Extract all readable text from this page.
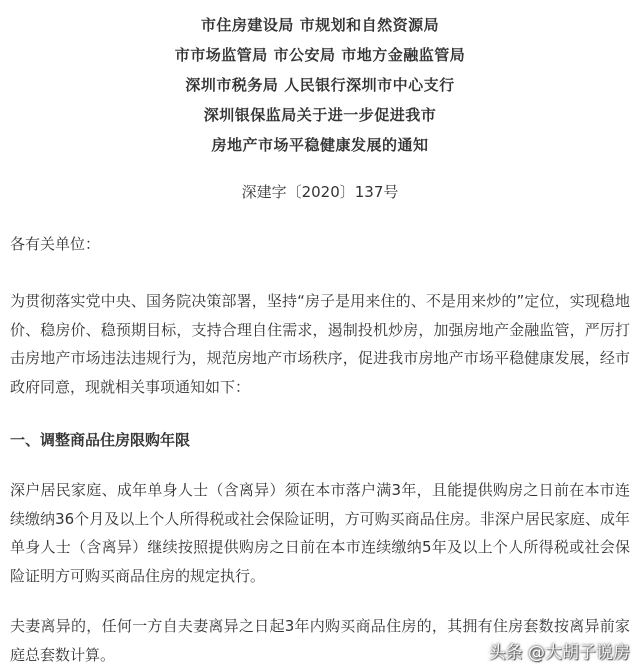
市住房建设局 市规划和自然资源局
市市场监管局 市公安局 市地方金融监管局
深圳市税务局 人民银行深圳市中心支行
深圳银保监局关于进一步促进我市
房地产市场平稳健康发展的通知
深建字〔2020〕137号
各有关单位：
为贯彻落实党中央、国务院决策部署，坚持“房子是用来住的、不是用来炒的”定位，实现稳地价、稳房价、稳预期目标，支持合理自住需求，遏制投机炒房，加强房地产金融监管，严厉打击房地产市场违法违规行为，规范房地产市场秩序，促进我市房地产市场平稳健康发展，经市政府同意，现就相关事项通知如下：
一、调整商品住房限购年限
深户居民家庭、成年单身人士（含离异）须在本市落户满3年，且能提供购房之日前在本市连续缴纳36个月及以上个人所得税或社会保险证明，方可购买商品住房。非深户居民家庭、成年单身人士（含离异）继续按照提供购房之日前在本市连续缴纳5年及以上个人所得税或社会保险证明方可购买商品住房的规定执行。
夫妻离异的，任何一方自夫妻离异之日起3年内购买商品住房的，其拥有住房套数按离异前家庭总套数计算。	头条 @大胡子说房
